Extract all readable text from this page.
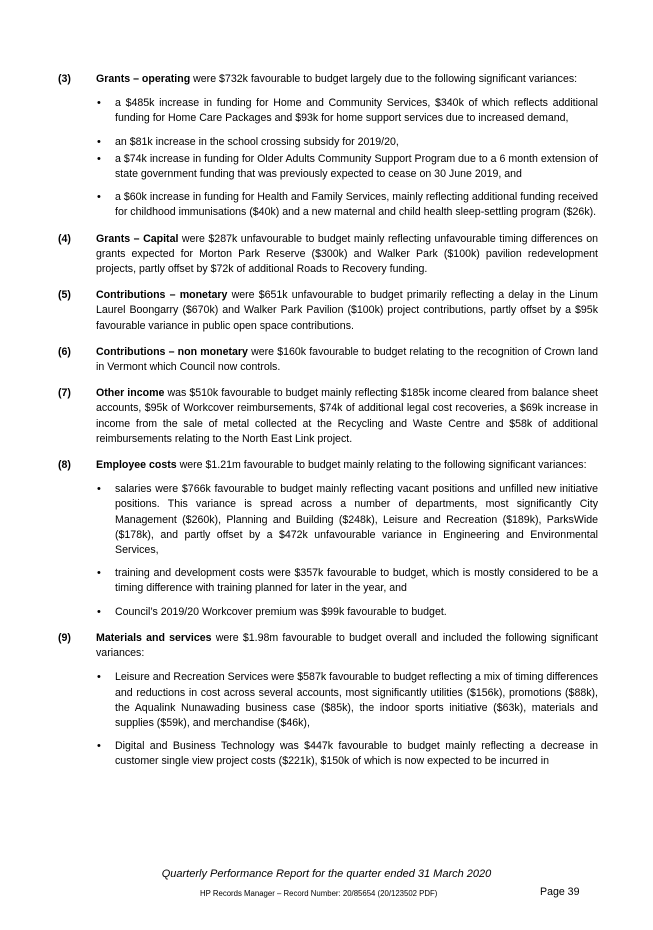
(3) Grants – operating were $732k favourable to budget largely due to the following significant variances:
• a $485k increase in funding for Home and Community Services, $340k of which reflects additional funding for Home Care Packages and $93k for home support services due to increased demand,
• an $81k increase in the school crossing subsidy for 2019/20,
• a $74k increase in funding for Older Adults Community Support Program due to a 6 month extension of state government funding that was previously expected to cease on 30 June 2019, and
• a $60k increase in funding for Health and Family Services, mainly reflecting additional funding received for childhood immunisations ($40k) and a new maternal and child health sleep-settling program ($26k).
(4) Grants – Capital were $287k unfavourable to budget mainly reflecting unfavourable timing differences on grants expected for Morton Park Reserve ($300k) and Walker Park ($100k) pavilion redevelopment projects, partly offset by $72k of additional Roads to Recovery funding.
(5) Contributions – monetary were $651k unfavourable to budget primarily reflecting a delay in the Linum Laurel Boongarry ($670k) and Walker Park Pavilion ($100k) project contributions, partly offset by a $95k favourable variance in public open space contributions.
(6) Contributions – non monetary were $160k favourable to budget relating to the recognition of Crown land in Vermont which Council now controls.
(7) Other income was $510k favourable to budget mainly reflecting $185k income cleared from balance sheet accounts, $95k of Workcover reimbursements, $74k of additional legal cost recoveries, a $69k increase in income from the sale of metal collected at the Recycling and Waste Centre and $58k of additional reimbursements relating to the North East Link project.
(8) Employee costs were $1.21m favourable to budget mainly relating to the following significant variances:
• salaries were $766k favourable to budget mainly reflecting vacant positions and unfilled new initiative positions. This variance is spread across a number of departments, most significantly City Management ($260k), Planning and Building ($248k), Leisure and Recreation ($189k), ParksWide ($178k), and partly offset by a $472k unfavourable variance in Engineering and Environmental Services,
• training and development costs were $357k favourable to budget, which is mostly considered to be a timing difference with training planned for later in the year, and
• Council’s 2019/20 Workcover premium was $99k favourable to budget.
(9) Materials and services were $1.98m favourable to budget overall and included the following significant variances:
• Leisure and Recreation Services were $587k favourable to budget reflecting a mix of timing differences and reductions in cost across several accounts, most significantly utilities ($156k), promotions ($88k), the Aqualink Nunawading business case ($85k), the indoor sports initiative ($63k), materials and supplies ($59k), and merchandise ($46k),
• Digital and Business Technology was $447k favourable to budget mainly reflecting a decrease in customer single view project costs ($221k), $150k of which is now expected to be incurred in
Quarterly Performance Report for the quarter ended 31 March 2020
HP Records Manager – Record Number: 20/85654 (20/123502 PDF)	Page 39
